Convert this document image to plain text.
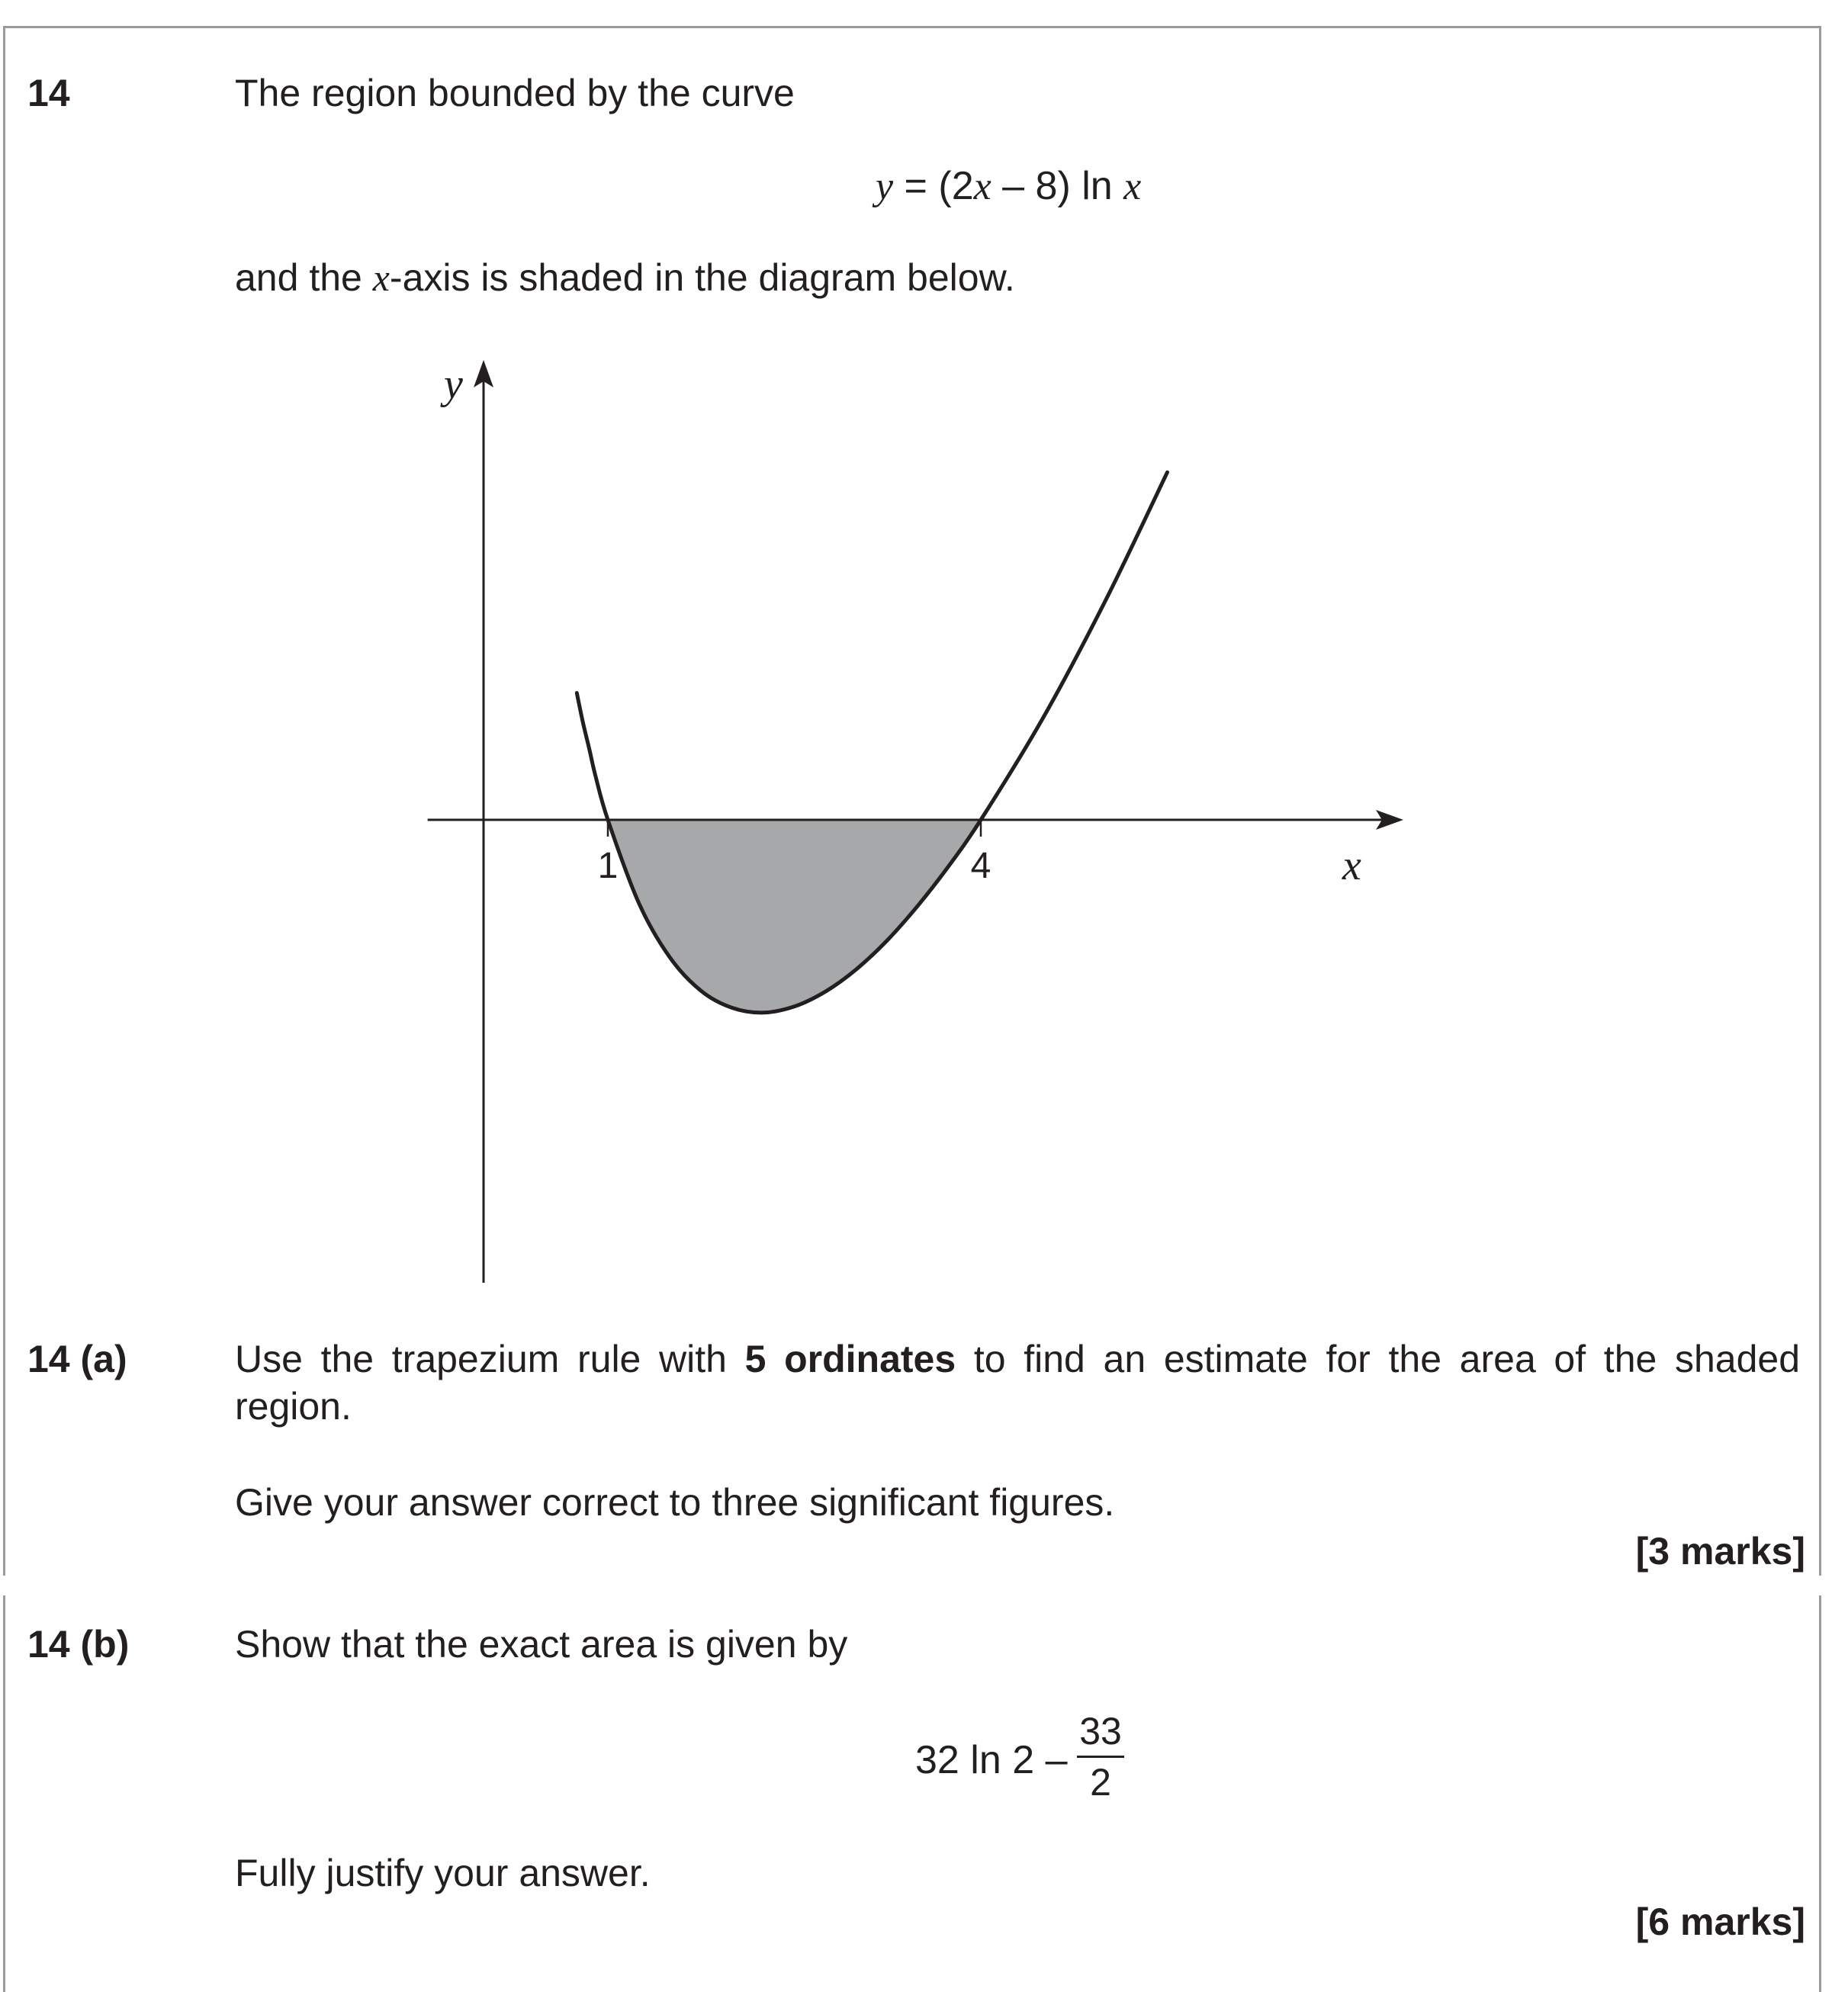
14	The region bounded by the curve
y = (2x – 8) ln x
and the x-axis is shaded in the diagram below.
1	4	x
y
14 (a)	Use the trapezium rule with 5 ordinates to find an estimate for the area of the shaded
region.
Give your answer correct to three significant figures.
[3 marks]
14 (b)	Show that the exact area is given by
32 ln 2 –
33
2
Fully justify your answer.
[6 marks]
